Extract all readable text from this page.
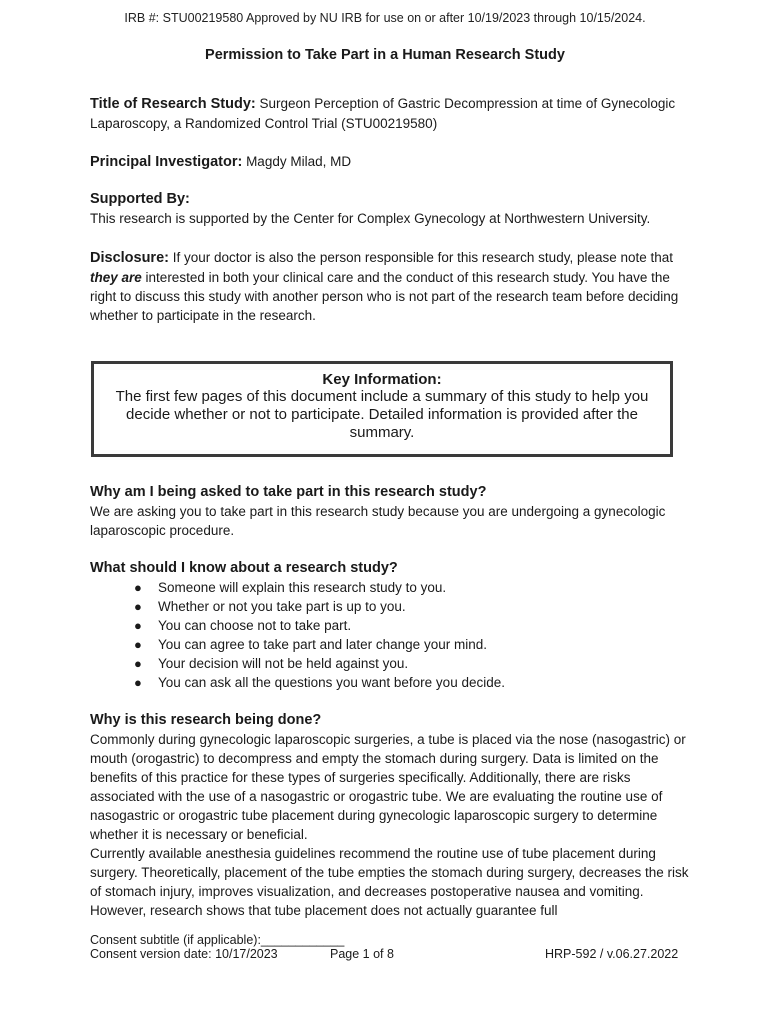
IRB #: STU00219580 Approved by NU IRB for use on or after 10/19/2023 through 10/15/2024.
Permission to Take Part in a Human Research Study
Title of Research Study: Surgeon Perception of Gastric Decompression at time of Gynecologic Laparoscopy, a Randomized Control Trial (STU00219580)
Principal Investigator: Magdy Milad, MD
Supported By:
This research is supported by the Center for Complex Gynecology at Northwestern University.
Disclosure: If your doctor is also the person responsible for this research study, please note that they are interested in both your clinical care and the conduct of this research study. You have the right to discuss this study with another person who is not part of the research team before deciding whether to participate in the research.
Key Information:
The first few pages of this document include a summary of this study to help you decide whether or not to participate. Detailed information is provided after the summary.
Why am I being asked to take part in this research study?
We are asking you to take part in this research study because you are undergoing a gynecologic laparoscopic procedure.
What should I know about a research study?
● Someone will explain this research study to you.
● Whether or not you take part is up to you.
● You can choose not to take part.
● You can agree to take part and later change your mind.
● Your decision will not be held against you.
● You can ask all the questions you want before you decide.
Why is this research being done?
Commonly during gynecologic laparoscopic surgeries, a tube is placed via the nose (nasogastric) or mouth (orogastric) to decompress and empty the stomach during surgery. Data is limited on the benefits of this practice for these types of surgeries specifically. Additionally, there are risks associated with the use of a nasogastric or orogastric tube. We are evaluating the routine use of nasogastric or orogastric tube placement during gynecologic laparoscopic surgery to determine whether it is necessary or beneficial.
Currently available anesthesia guidelines recommend the routine use of tube placement during surgery. Theoretically, placement of the tube empties the stomach during surgery, decreases the risk of stomach injury, improves visualization, and decreases postoperative nausea and vomiting. However, research shows that tube placement does not actually guarantee full
Consent subtitle (if applicable):____________
Consent version date: 10/17/2023	Page 1 of 8	HRP-592 / v.06.27.2022
